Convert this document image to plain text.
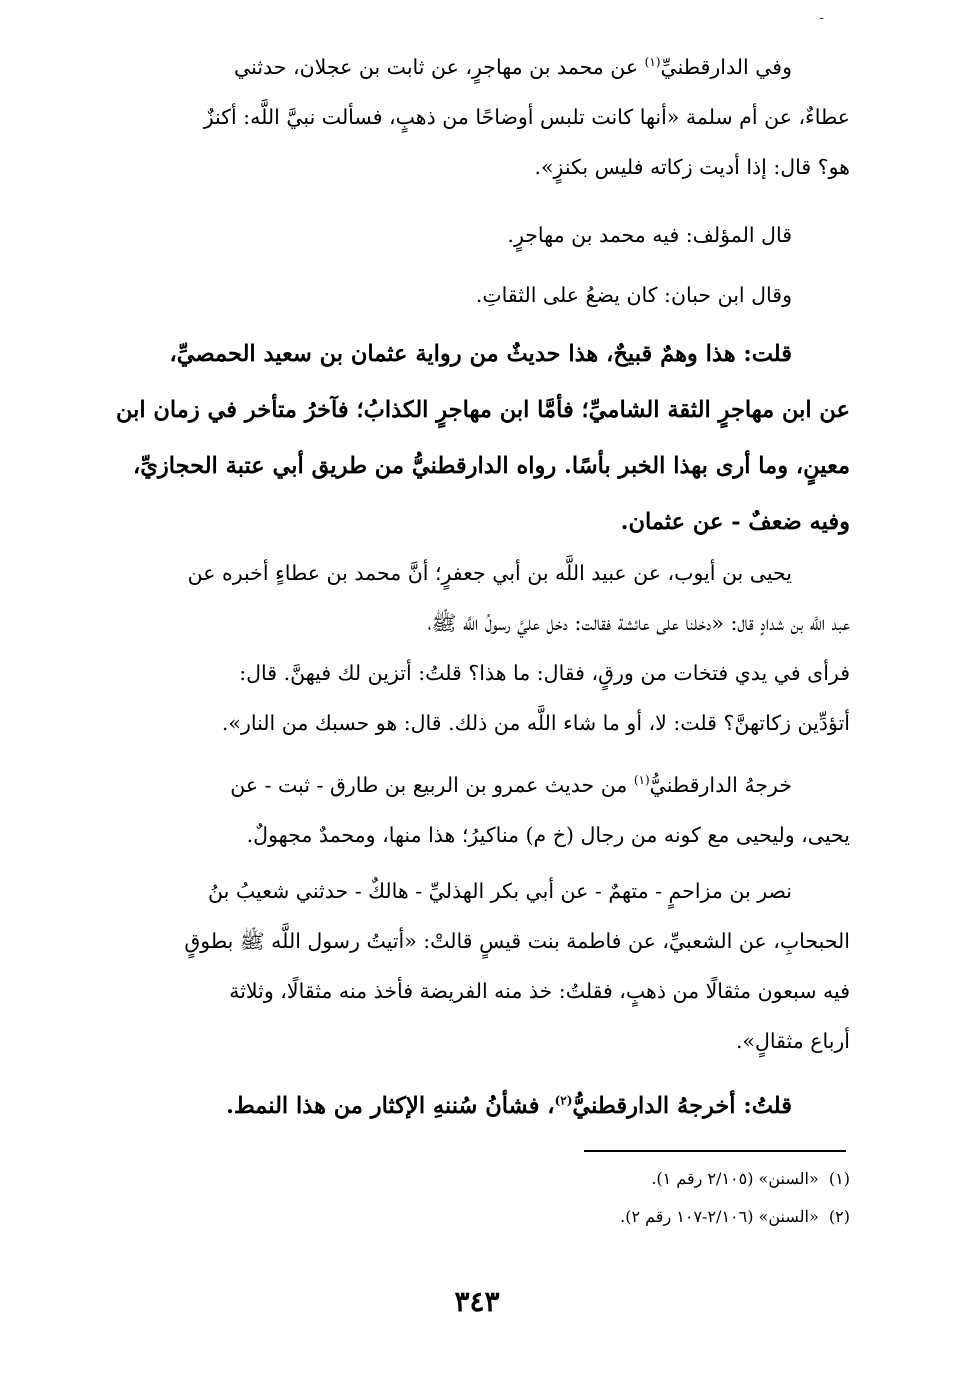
-

وفي الدارقطنيِّ$^{(١)}$ عن محمد بن مهاجرٍ، عن ثابت بن عجلان، حدثني
عطاءٌ، عن أم سلمة «أنها كانت تلبس أوضاحًا من ذهبٍ، فسألت نبيَّ اللَّه: أكنزٌ
هو؟ قال: إذا أديت زكاته فليس بكنزٍ».

قال المؤلف: فيه محمد بن مهاجرٍ.

وقال ابن حبان: كان يضعُ على الثقاتِ.

قلت: هذا وهمٌ قبيحٌ، هذا حديثٌ من رواية عثمان بن سعيد الحمصيِّ،
عن ابن مهاجرٍ الثقة الشاميِّ؛ فأمَّا ابن مهاجرٍ الكذابُ؛ فآخرُ متأخر في زمان ابن
معينٍ، وما أرى بهذا الخبر بأسًا. رواه الدارقطنيُّ من طريق أبي عتبة الحجازيِّ،
وفيه ضعفٌ - عن عثمان.

يحيى بن أيوب، عن عبيد اللَّه بن أبي جعفرٍ؛ أنَّ محمد بن عطاءٍ أخبره عن
عبد اللَّه بن شدادٍ قال: «دخلنا على عائشة فقالت: دخل عليَّ رسولُ اللَّه ﷺ،
فرأى في يدي فتخات من ورقٍ، فقال: ما هذا؟ قلتُ: أتزين لك فيهنَّ. قال:
أتؤدِّين زكاتهنَّ؟ قلت: لا، أو ما شاء اللَّه من ذلك. قال: هو حسبك من النار».

خرجهُ الدارقطنيُّ$^{(١)}$ من حديث عمرو بن الربيع بن طارق - ثبت - عن
يحيى، وليحيى مع كونه من رجال (خ م) مناكيرُ؛ هذا منها، ومحمدٌ مجهولٌ.

نصر بن مزاحمٍ - متهمٌ - عن أبي بكر الهذليِّ - هالكٌ - حدثني شعيبُ بنُ
الحبحابِ، عن الشعبيِّ، عن فاطمة بنت قيسٍ قالتْ: «أتيتُ رسول اللَّه ﷺ بطوقٍ
فيه سبعون مثقالًا من ذهبٍ، فقلتُ: خذ منه الفريضة فأخذ منه مثقالًا، وثلاثة
أرباع مثقالٍ».

قلتُ: أخرجهُ الدارقطنيُّ$^{(٢)}$، فشأنُ سُننهِ الإكثار من هذا النمط.

(١)  «السنن» (٢/١٠٥ رقم ١).
(٢)  «السنن» (٢/١٠٦-١٠٧ رقم ٢).
٣٤٣
